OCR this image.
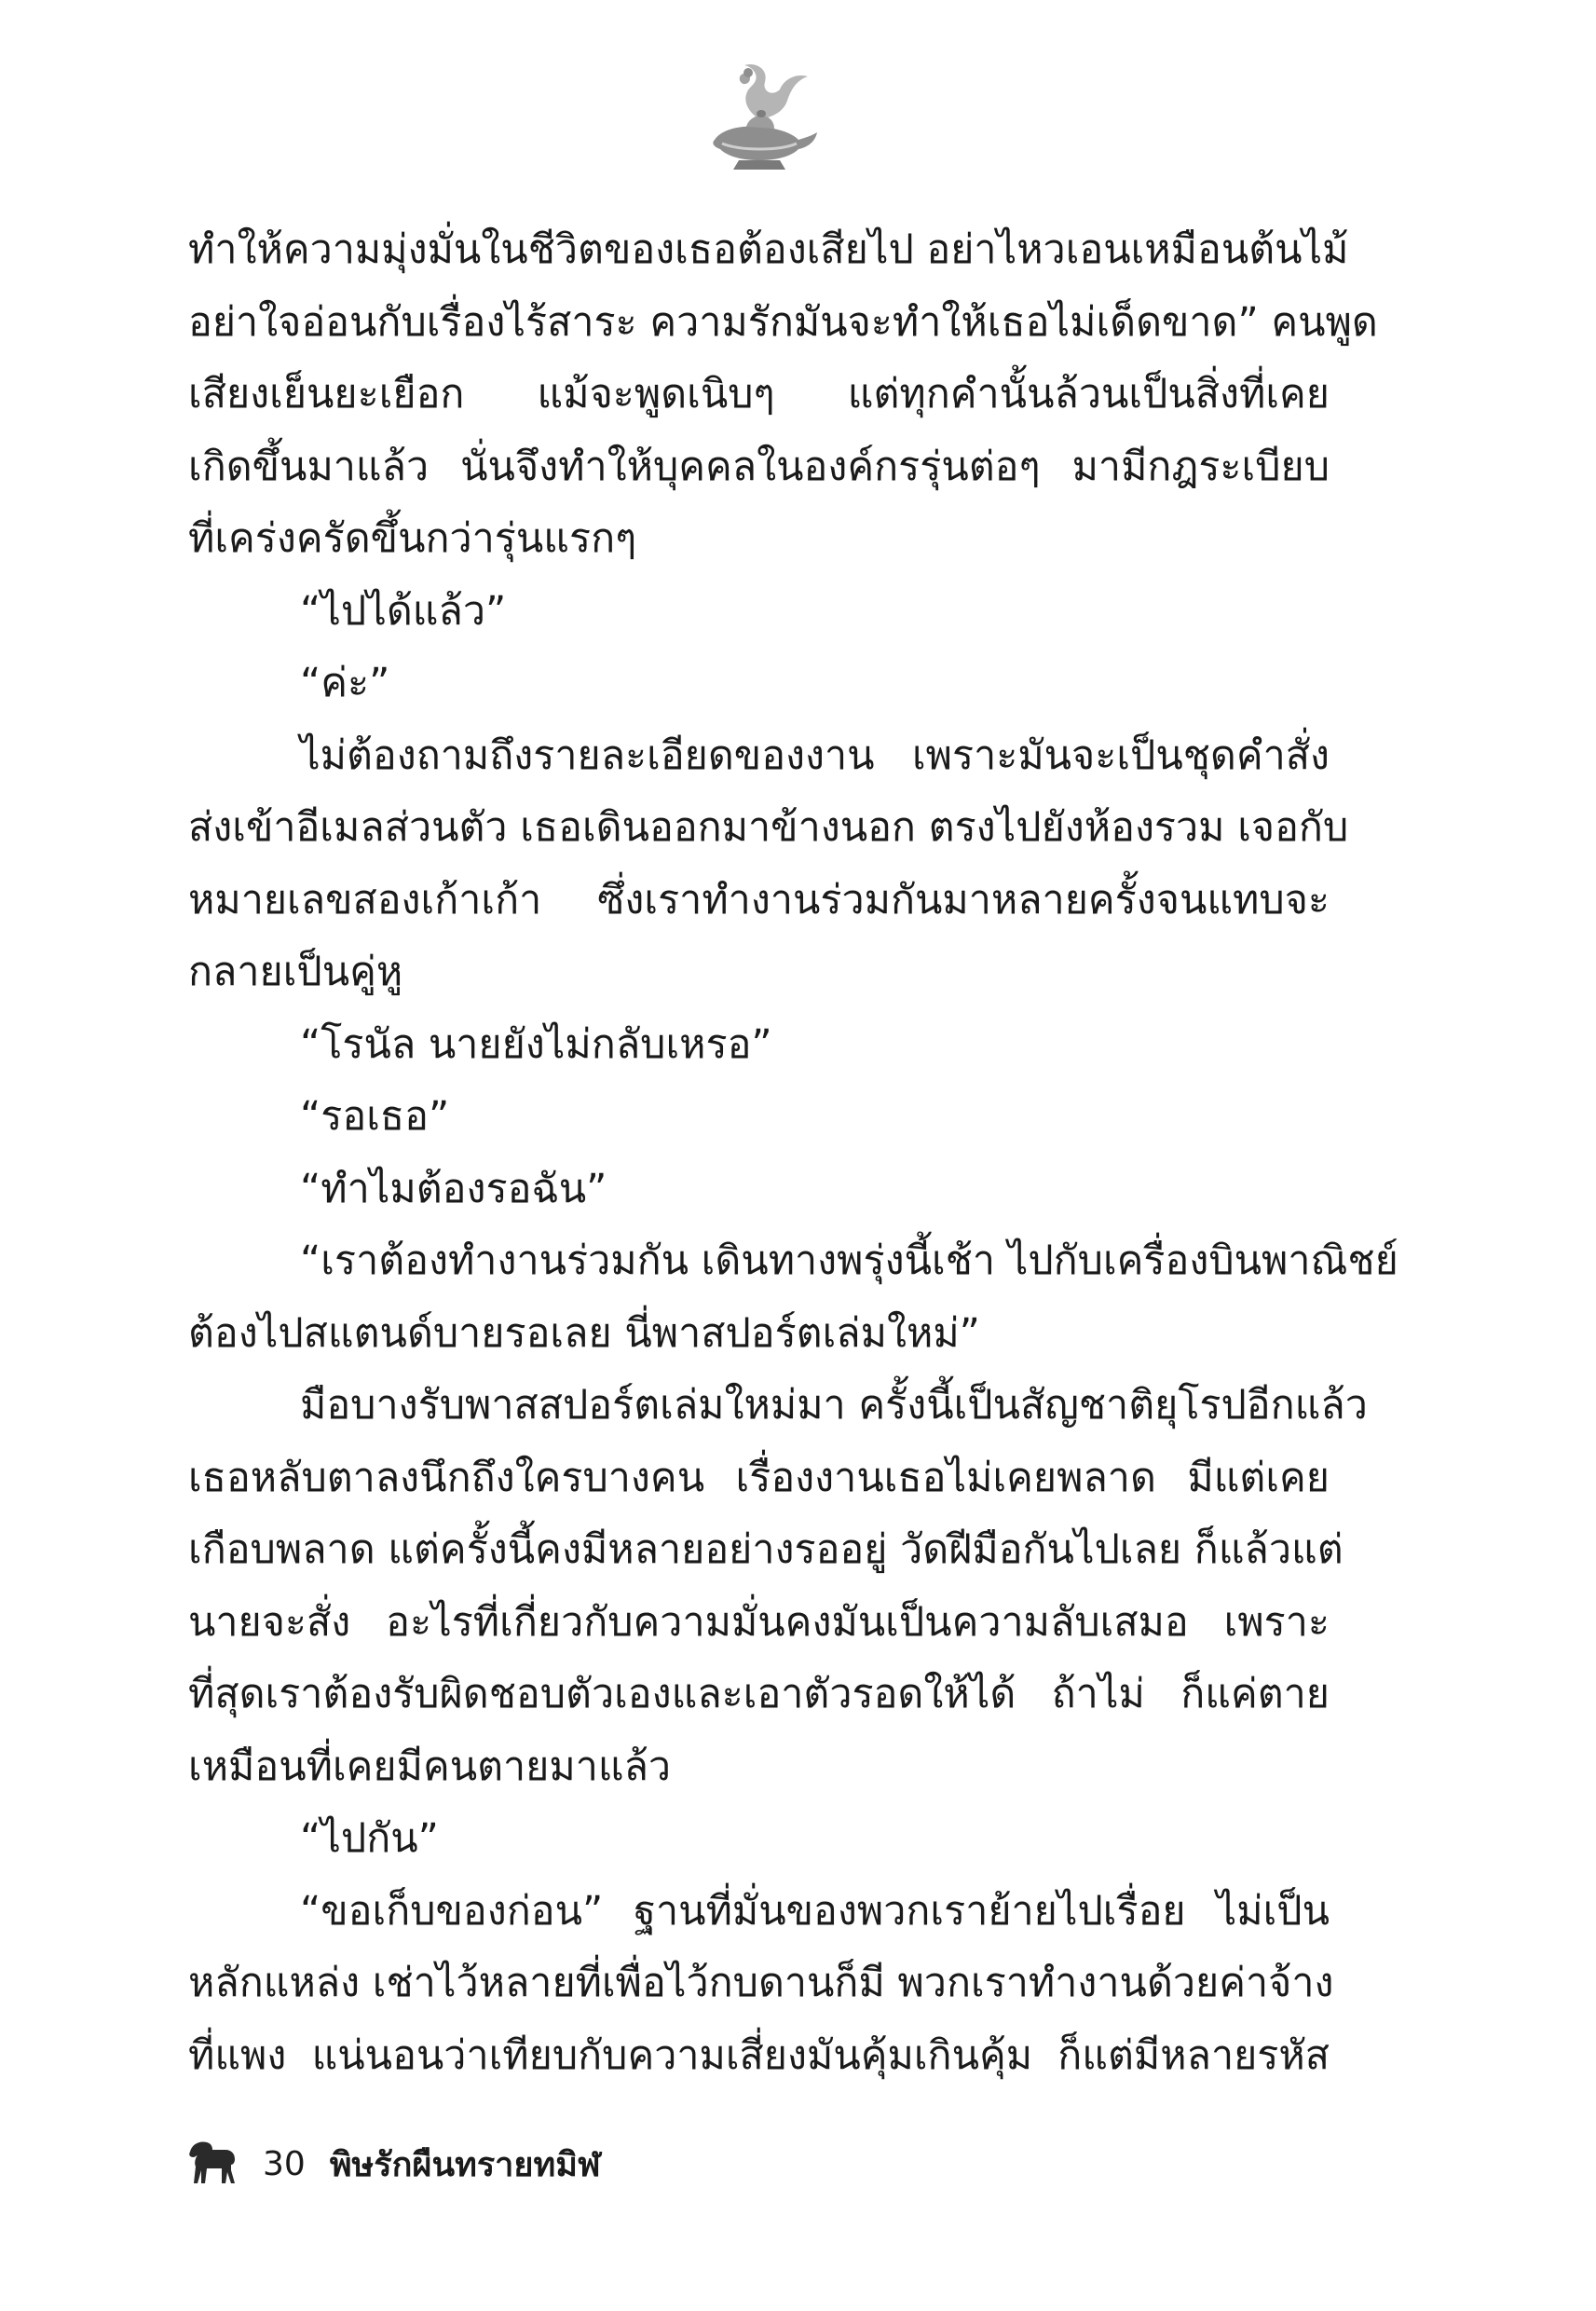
ทำให้ความมุ่งมั่นในชีวิตของเธอต้องเสียไป อย่าไหวเอนเหมือนต้นไม้
อย่าใจอ่อนกับเรื่องไร้สาระ ความรักมันจะทำให้เธอไม่เด็ดขาด” คนพูด
เสียงเย็นยะเยือก แม้จะพูดเนิบๆ แต่ทุกคำนั้นล้วนเป็นสิ่งที่เคย
เกิดขึ้นมาแล้ว นั่นจึงทำให้บุคคลในองค์กรรุ่นต่อๆ มามีกฎระเบียบ
ที่เคร่งครัดขึ้นกว่ารุ่นแรกๆ
“ไปได้แล้ว”
“ค่ะ”
ไม่ต้องถามถึงรายละเอียดของงาน เพราะมันจะเป็นชุดคำสั่ง
ส่งเข้าอีเมลส่วนตัว เธอเดินออกมาข้างนอก ตรงไปยังห้องรวม เจอกับ
หมายเลขสองเก้าเก้า ซึ่งเราทำงานร่วมกันมาหลายครั้งจนแทบจะ
กลายเป็นคู่หู
“โรนัล นายยังไม่กลับเหรอ”
“รอเธอ”
“ทำไมต้องรอฉัน”
“เราต้องทำงานร่วมกัน เดินทางพรุ่งนี้เช้า ไปกับเครื่องบินพาณิชย์
ต้องไปสแตนด์บายรอเลย นี่พาสปอร์ตเล่มใหม่”
มือบางรับพาสสปอร์ตเล่มใหม่มา ครั้งนี้เป็นสัญชาติยุโรปอีกแล้ว
เธอหลับตาลงนึกถึงใครบางคน เรื่องงานเธอไม่เคยพลาด มีแต่เคย
เกือบพลาด แต่ครั้งนี้คงมีหลายอย่างรออยู่ วัดฝีมือกันไปเลย ก็แล้วแต่
นายจะสั่ง อะไรที่เกี่ยวกับความมั่นคงมันเป็นความลับเสมอ เพราะ
ที่สุดเราต้องรับผิดชอบตัวเองและเอาตัวรอดให้ได้ ถ้าไม่ ก็แค่ตาย
เหมือนที่เคยมีคนตายมาแล้ว
“ไปกัน”
“ขอเก็บของก่อน” ฐานที่มั่นของพวกเราย้ายไปเรื่อย ไม่เป็น
หลักแหล่ง เช่าไว้หลายที่เพื่อไว้กบดานก็มี พวกเราทำงานด้วยค่าจ้าง
ที่แพง แน่นอนว่าเทียบกับความเสี่ยงมันคุ้มเกินคุ้ม ก็แต่มีหลายรหัส
30 พิษรักผืนทรายทมิฬ
